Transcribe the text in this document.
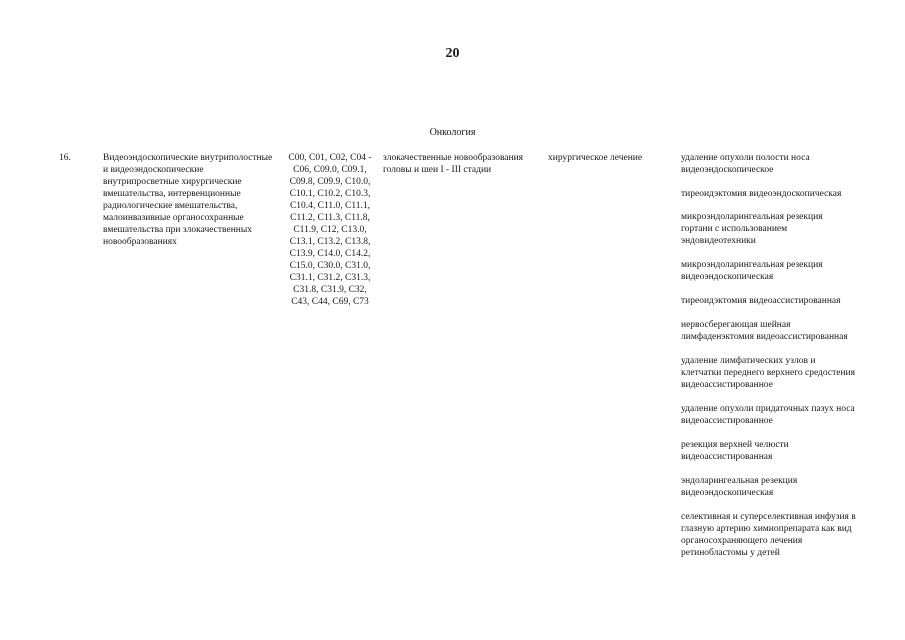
20
Онкология
16.	Видеоэндоскопические внутриполостные и видеоэндоскопические внутрипросветные хирургические вмешательства, интервенционные радиологические вмешательства, малоинвазивные органосохранные вмешательства при злокачественных новообразованиях
C00, C01, C02, C04 - C06, C09.0, C09.1, C09.8, C09.9, C10.0, C10.1, C10.2, C10.3, C10.4, C11.0, C11.1, C11.2, C11.3, C11.8, C11.9, C12, C13.0, C13.1, C13.2, C13.8, C13.9, C14.0, C14.2, C15.0, C30.0, C31.0, C31.1, C31.2, C31.3, C31.8, C31.9, C32, C43, C44, C69, C73
злокачественные новообразования головы и шеи I - III стадии
хирургическое лечение	удаление опухоли полости носа видеоэндоскопическое
тиреоидэктомия видеоэндоскопическая
микроэндоларингеальная резекция гортани с использованием эндовидеотехники
микроэндоларингеальная резекция видеоэндоскопическая
тиреоидэктомия видеоассистированная
нервосберегающая шейная лимфаденэктомия видеоассистированная
удаление лимфатических узлов и клетчатки переднего верхнего средостения видеоассистированное
удаление опухоли придаточных пазух носа видеоассистированное
резекция верхней челюсти видеоассистированная
эндоларингеальная резекция видеоэндоскопическая
селективная и суперселективная инфузия в глазную артерию химиопрепарата как вид органосохраняющего лечения ретинобластомы у детей
